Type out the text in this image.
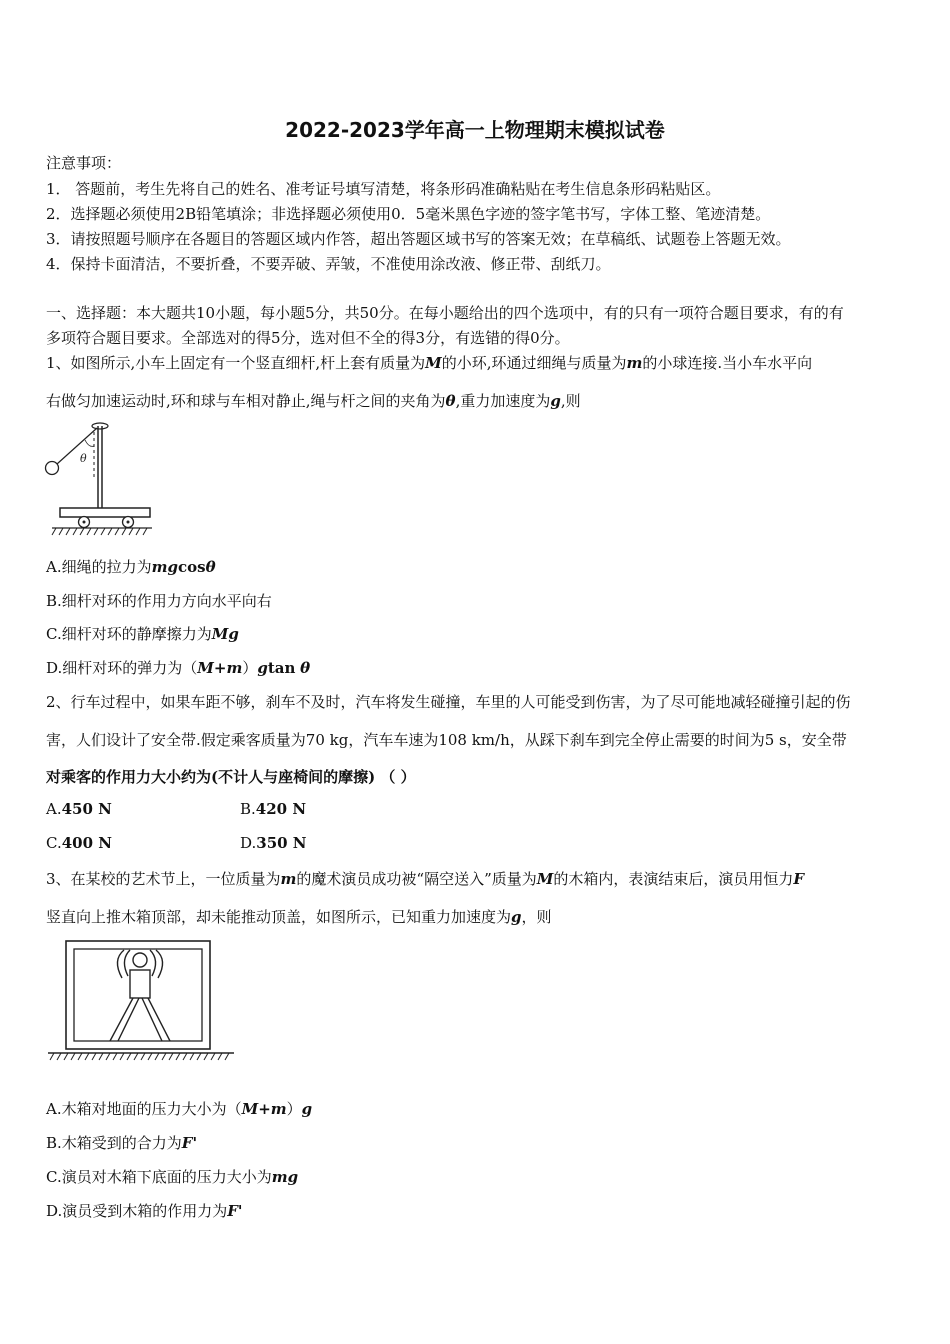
2022-2023学年高一上物理期末模拟试卷
注意事项：
1． 答题前，考生先将自己的姓名、准考证号填写清楚，将条形码准确粘贴在考生信息条形码粘贴区。
2．选择题必须使用2B铅笔填涂；非选择题必须使用0．5毫米黑色字迹的签字笔书写，字体工整、笔迹清楚。
3．请按照题号顺序在各题目的答题区域内作答，超出答题区域书写的答案无效；在草稿纸、试题卷上答题无效。
4．保持卡面清洁，不要折叠，不要弄破、弄皱，不准使用涂改液、修正带、刮纸刀。
一、选择题：本大题共10小题，每小题5分，共50分。在每小题给出的四个选项中，有的只有一项符合题目要求，有的有
多项符合题目要求。全部选对的得5分，选对但不全的得3分，有选错的得0分。
1、如图所示,小车上固定有一个竖直细杆,杆上套有质量为M的小环,环通过细绳与质量为m的小球连接.当小车水平向
右做匀加速运动时,环和球与车相对静止,绳与杆之间的夹角为θ,重力加速度为g,则
θ
A.细绳的拉力为mgcosθ
B.细杆对环的作用力方向水平向右
C.细杆对环的静摩擦力为Mg
D.细杆对环的弹力为（M+m）gtan θ
2、行车过程中，如果车距不够，刹车不及时，汽车将发生碰撞，车里的人可能受到伤害，为了尽可能地减轻碰撞引起的伤
害，人们设计了安全带.假定乘客质量为70 kg，汽车车速为108 km/h，从踩下刹车到完全停止需要的时间为5 s，安全带
对乘客的作用力大小约为(不计人与座椅间的摩擦) （ ）
A.450 N	B.420 N
C.400 N	D.350 N
3、在某校的艺术节上，一位质量为m的魔术演员成功被“隔空送入”质量为M的木箱内，表演结束后，演员用恒力F
竖直向上推木箱顶部，却未能推动顶盖，如图所示，已知重力加速度为g，则
A.木箱对地面的压力大小为（M+m）g
B.木箱受到的合力为F'
C.演员对木箱下底面的压力大小为mg
D.演员受到木箱的作用力为F'
